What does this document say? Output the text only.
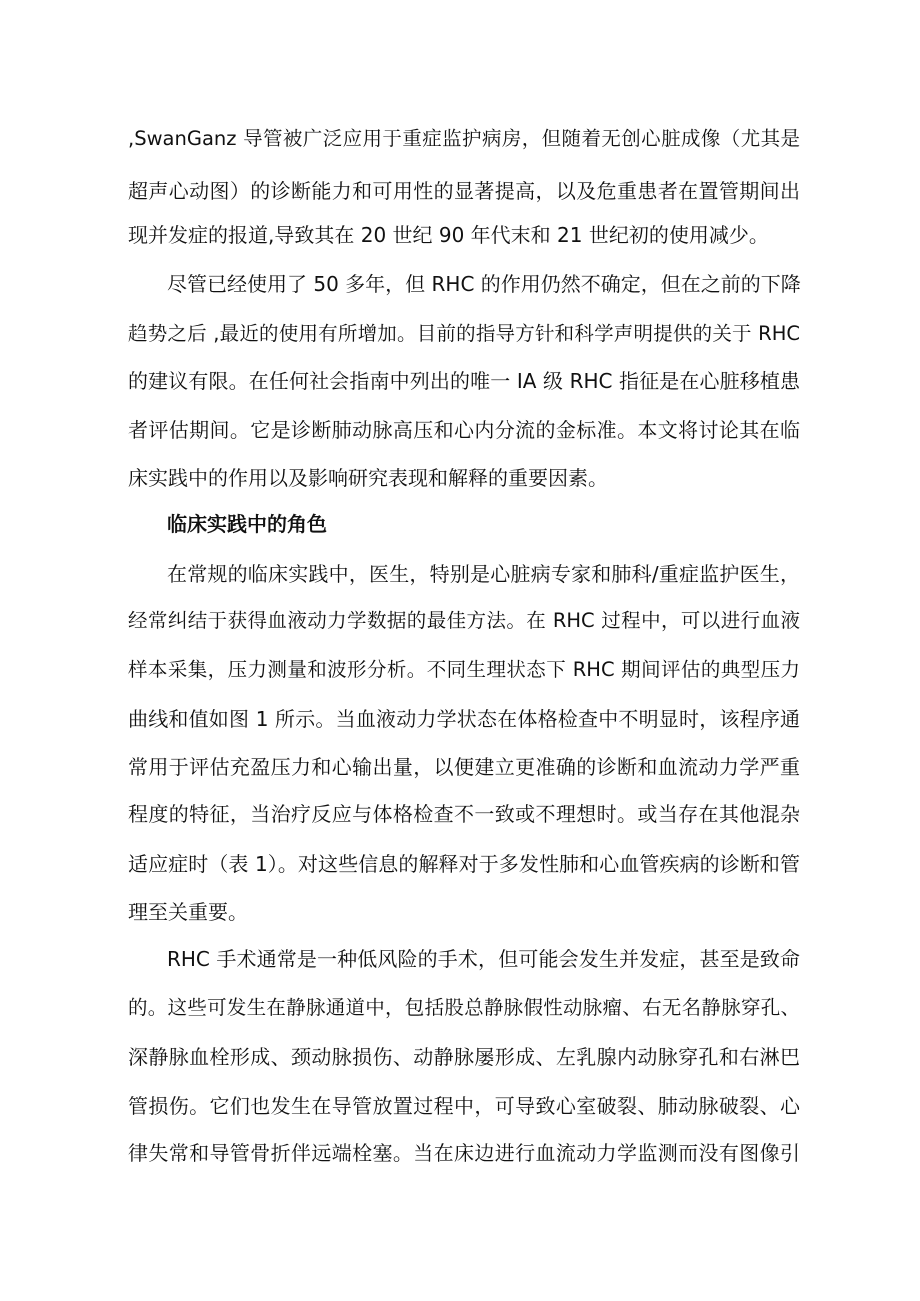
,SwanGanz 导管被广泛应用于重症监护病房，但随着无创心脏成像（尤其是
超声心动图）的诊断能力和可用性的显著提高，以及危重患者在置管期间出
现并发症的报道,导致其在 20 世纪 90 年代末和 21 世纪初的使用减少。
尽管已经使用了 50 多年，但 RHC 的作用仍然不确定，但在之前的下降
趋势之后 ,最近的使用有所增加。目前的指导方针和科学声明提供的关于 RHC
的建议有限。在任何社会指南中列出的唯一 IA 级 RHC 指征是在心脏移植患
者评估期间。它是诊断肺动脉高压和心内分流的金标准。本文将讨论其在临
床实践中的作用以及影响研究表现和解释的重要因素。
临床实践中的角色
在常规的临床实践中，医生，特别是心脏病专家和肺科/重症监护医生，
经常纠结于获得血液动力学数据的最佳方法。在 RHC 过程中，可以进行血液
样本采集，压力测量和波形分析。不同生理状态下 RHC 期间评估的典型压力
曲线和值如图 1 所示。当血液动力学状态在体格检查中不明显时，该程序通
常用于评估充盈压力和心输出量，以便建立更准确的诊断和血流动力学严重
程度的特征，当治疗反应与体格检查不一致或不理想时。或当存在其他混杂
适应症时（表 1）。对这些信息的解释对于多发性肺和心血管疾病的诊断和管
理至关重要。
RHC 手术通常是一种低风险的手术，但可能会发生并发症，甚至是致命
的。这些可发生在静脉通道中，包括股总静脉假性动脉瘤、右无名静脉穿孔、
深静脉血栓形成、颈动脉损伤、动静脉屡形成、左乳腺内动脉穿孔和右淋巴
管损伤。它们也发生在导管放置过程中，可导致心室破裂、肺动脉破裂、心
律失常和导管骨折伴远端栓塞。当在床边进行血流动力学监测而没有图像引
